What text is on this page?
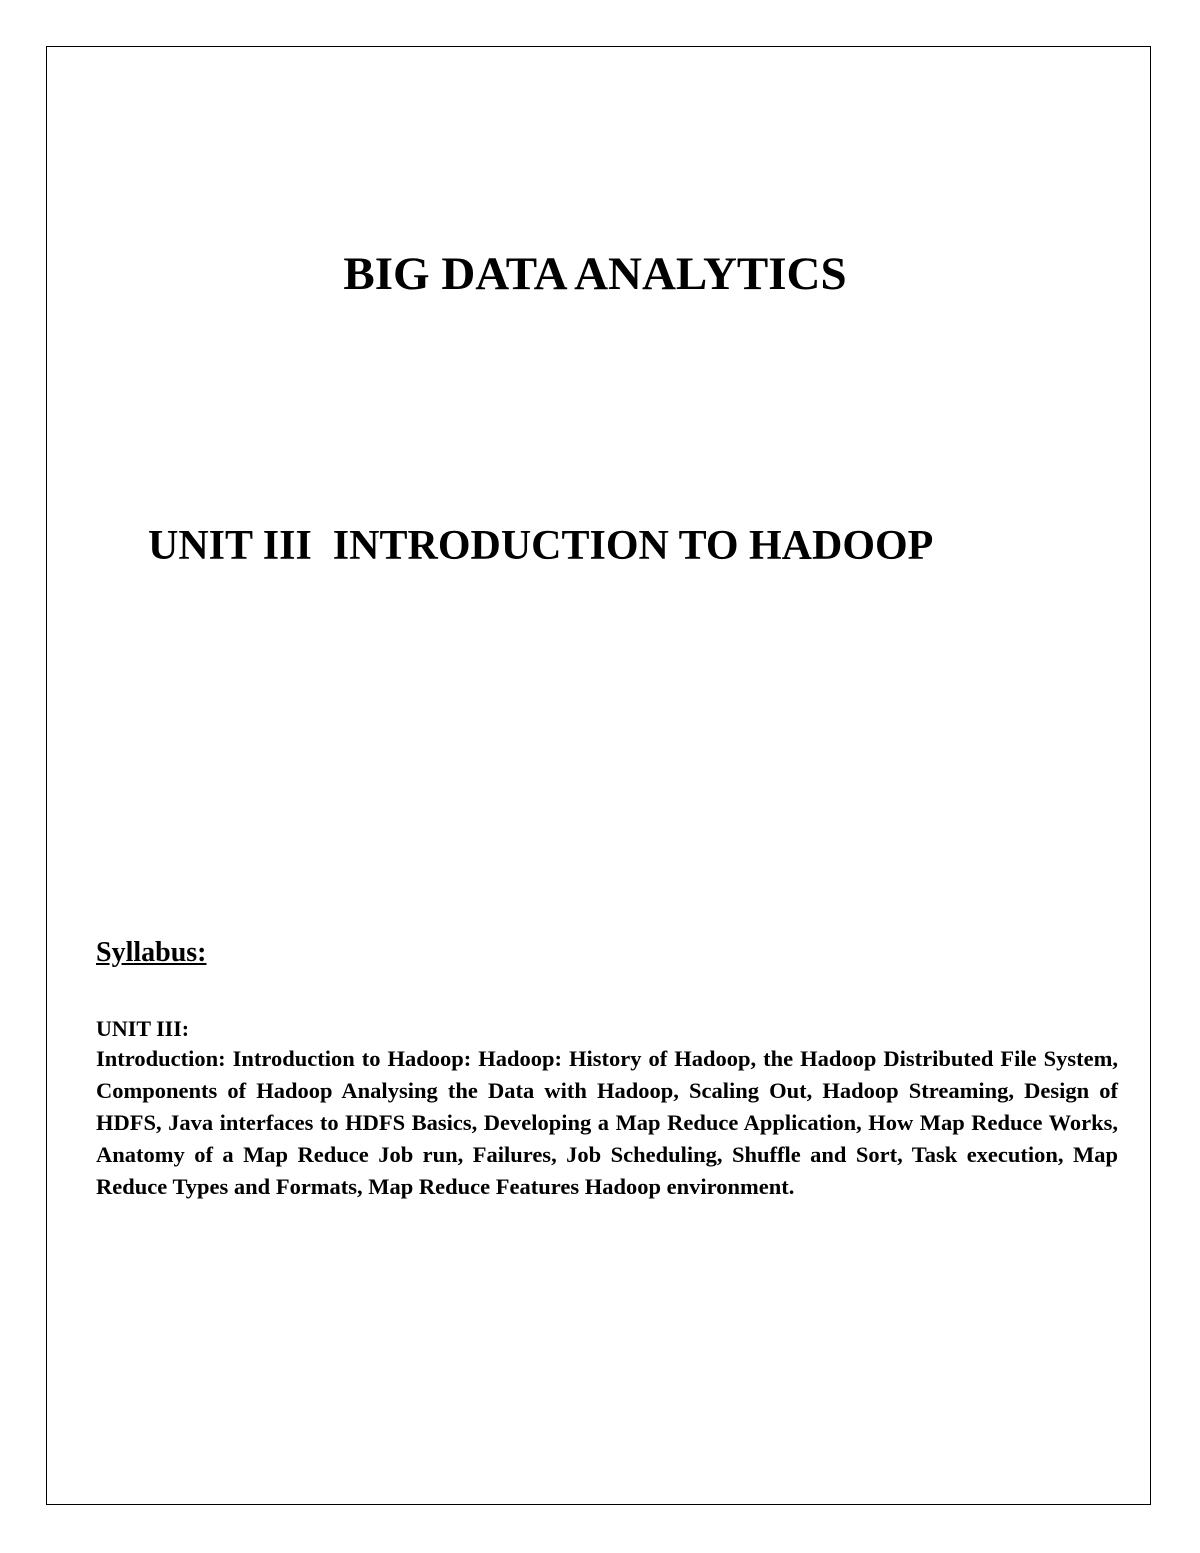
BIG DATA ANALYTICS
UNIT III  INTRODUCTION TO HADOOP
Syllabus:
UNIT III:

Introduction: Introduction to Hadoop: Hadoop: History of Hadoop, the Hadoop Distributed File System, Components of Hadoop Analysing the Data with Hadoop, Scaling Out, Hadoop Streaming, Design of HDFS, Java interfaces to HDFS Basics, Developing a Map Reduce Application, How Map Reduce Works, Anatomy of a Map Reduce Job run, Failures, Job Scheduling, Shuffle and Sort, Task execution, Map Reduce Types and Formats, Map Reduce Features Hadoop environment.
